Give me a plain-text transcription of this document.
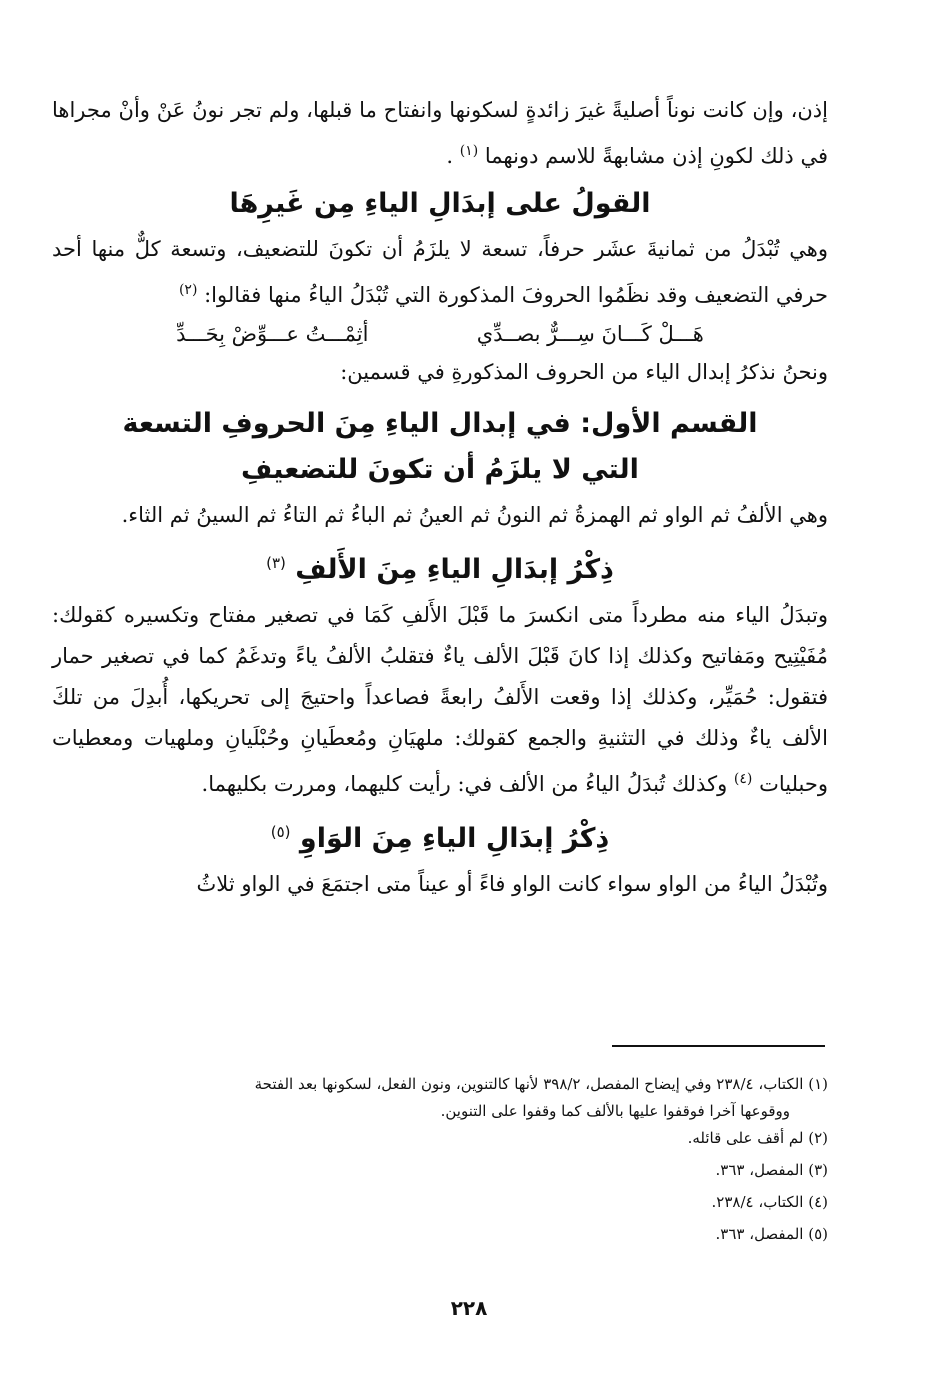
إذن، وإن كانت نوناً أصليةً غيرَ زائدةٍ لسكونها وانفتاح ما قبلها، ولم تجر نونُ عَنْ وأنْ مجراها في ذلك لكونِ إذن مشابهةً للاسم دونهما $^{(١)}$ .

القولُ على إبدَالِ الياءِ مِن غَيرِهَا

وهي تُبْدَلُ من ثمانيةَ عشَر حرفاً، تسعة لا يلزَمُ أن تكونَ للتضعيف، وتسعة كلٌّ منها أحد حرفي التضعيف وقد نظَمُوا الحروفَ المذكورة التي تُبْدَلُ الياءُ منها فقالوا: $^{(٢)}$

هَـــلْ كَـــانَ سِـــرٌّ بصــدِّي
أثِمْـــتُ عـــوِّضْ بِحَـــدِّ

ونحنُ نذكرُ إبدال الياء من الحروف المذكورةِ في قسمين:

القسم الأول: في إبدال الياءِ مِنَ الحروفِ التسعة
التي لا يلزَمُ أن تكونَ للتضعيفِ

وهي الألفُ ثم الواو ثم الهمزةُ ثم النونُ ثم العينُ ثم الباءُ ثم التاءُ ثم السينُ ثم الثاء.

ذِكْرُ إبدَالِ الياءِ مِنَ الأَلفِ $^{(٣)}$

وتبدَلُ الياء منه مطرداً متى انكسرَ ما قَبْلَ الأَلفِ كَمَا في تصغير مفتاح وتكسيره كقولك: مُفَيْتِيح ومَفاتيح وكذلك إذا كانَ قَبْلَ الألف ياءٌ فتقلبُ الألفُ ياءً وتدغَمُ كما في تصغير حمار فتقول: حُمَيِّر، وكذلك إذا وقعت الأَلفُ رابعةً فصاعداً واحتيجَ إلى تحريكها، أُبدِلَ من تلكَ الألف ياءٌ وذلك في التثنيةِ والجمع كقولك: ملهيَانِ ومُعطَيانِ وحُبْلَيانِ وملهيات ومعطيات وحبليات $^{(٤)}$ وكذلك تُبدَلُ الياءُ من الألف في: رأيت كليهما، ومررت بكليهما.

ذِكْرُ إبدَالِ الياءِ مِنَ الوَاوِ $^{(٥)}$

وتُبْدَلُ الياءُ من الواو سواء كانت الواو فاءً أو عيناً متى اجتمَعَ في الواو ثلاثُ

(١) الكتاب، ٢٣٨/٤ وفي إيضاح المفصل، ٣٩٨/٢ لأنها كالتنوين، ونون الفعل، لسكونها بعد الفتحة
ووقوعها آخرا فوقفوا عليها بالألف كما وقفوا على التنوين.

(٢) لم أقف على قائله.

(٣) المفصل، ٣٦٣.

(٤) الكتاب، ٢٣٨/٤.

(٥) المفصل، ٣٦٣.

٢٢٨
